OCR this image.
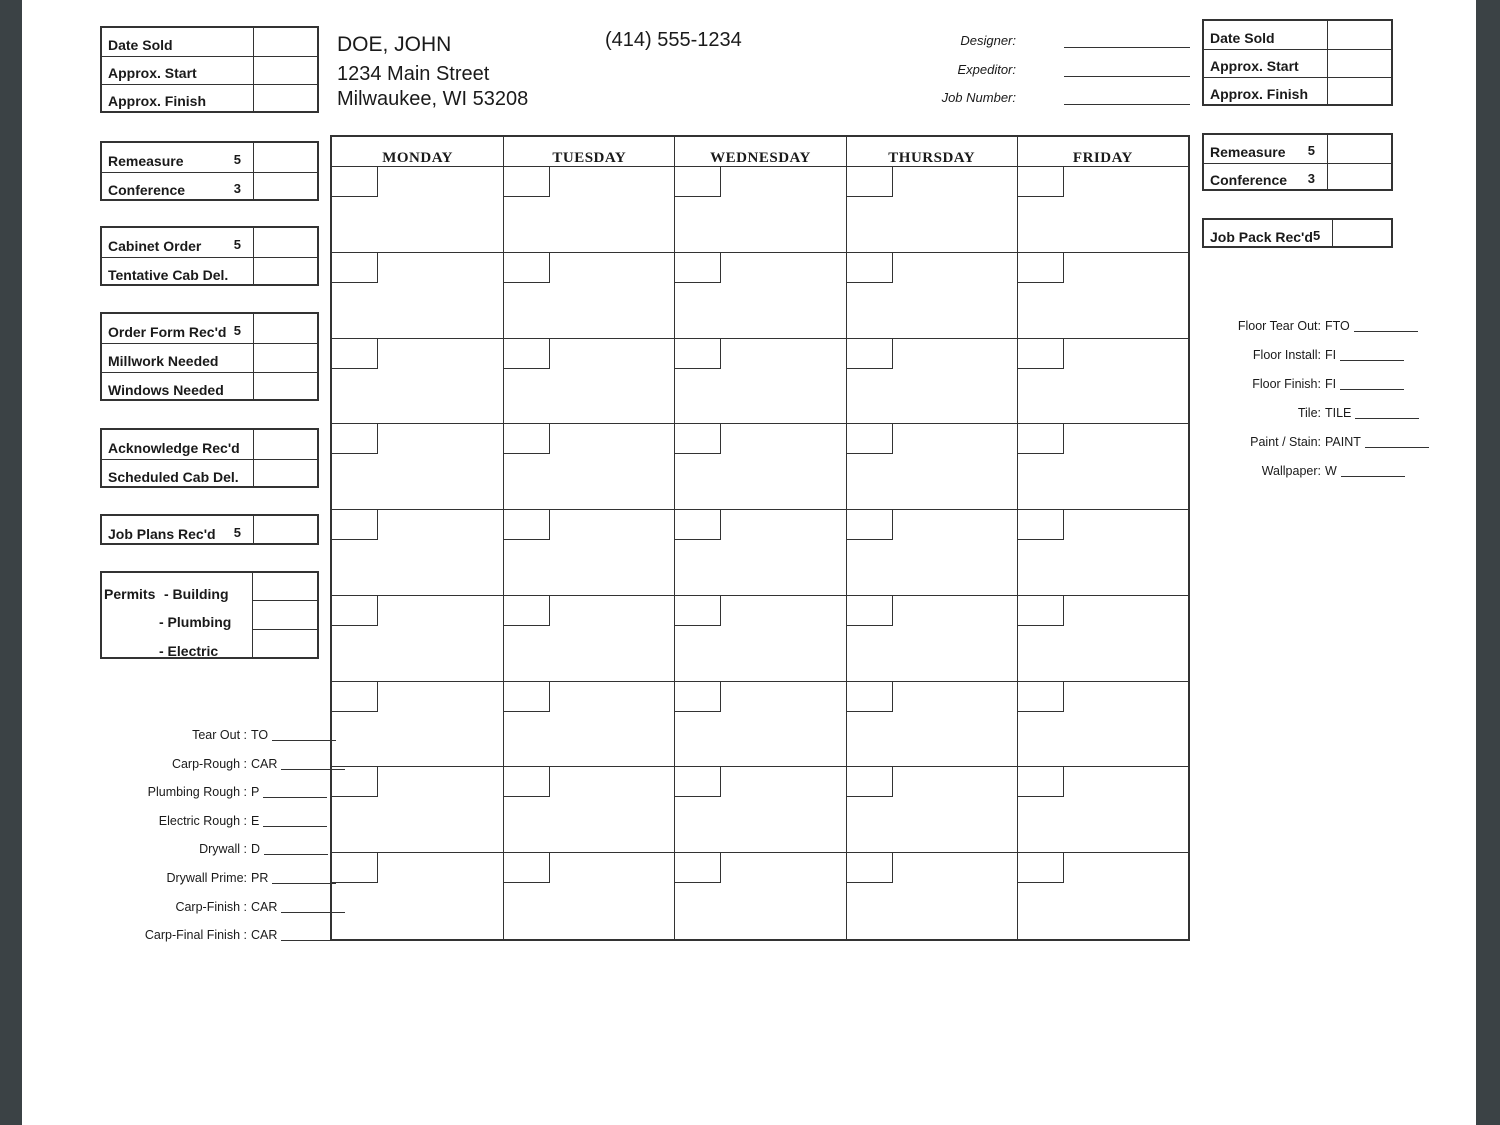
Date Sold
Approx. Start
Approx. Finish
DOE, JOHN
1234 Main Street
Milwaukee, WI 53208
(414) 555-1234	Designer:
Expeditor:
Job Number:
Date Sold
Approx. Start
Approx. Finish
Remeasure	5
Conference	3
Cabinet Order	5
Tentative Cab Del.
Order Form Rec'd 5
Millwork Needed
Windows Needed
Acknowledge Rec'd
Scheduled Cab Del.
Job Plans Rec'd	5
Permits - Building
- Plumbing
- Electric
Remeasure	5
Conference	3
Job Pack Rec'd 5
MONDAY	TUESDAY	WEDNESDAY	THURSDAY	FRIDAY
Tear Out : TO
Carp-Rough : CAR
Plumbing Rough : P
Electric Rough : E
Drywall : D
Drywall Prime: PR
Carp-Finish : CAR
Carp-Final Finish : CAR
Floor Tear Out: FTO
Floor Install: FI
Floor Finish: FI
Tile: TILE
Paint / Stain: PAINT
Wallpaper: W
